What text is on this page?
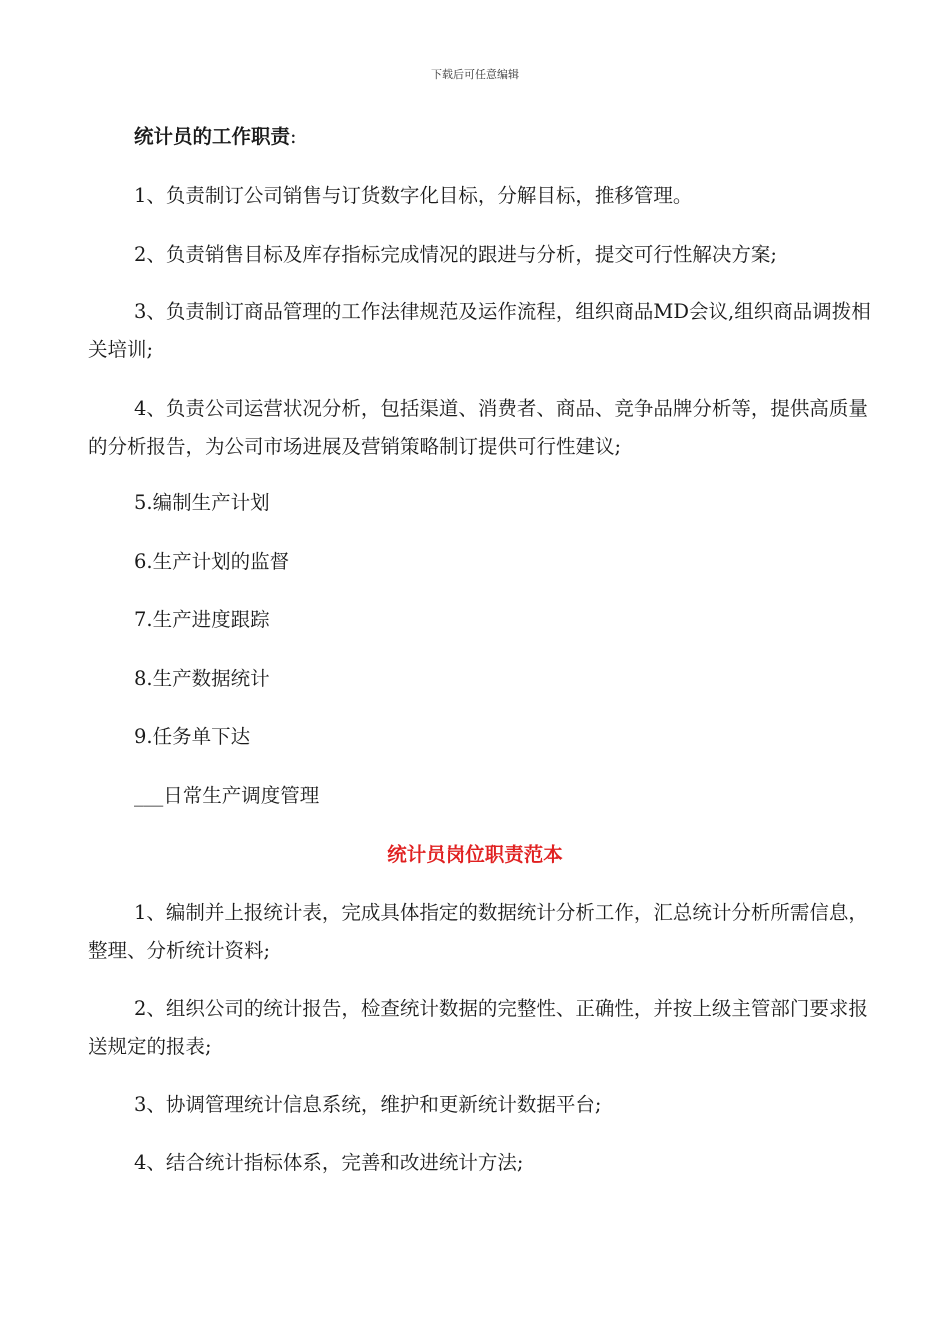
下载后可任意编辑
统计员的工作职责:
1、负责制订公司销售与订货数字化目标，分解目标，推移管理。
2、负责销售目标及库存指标完成情况的跟进与分析，提交可行性解决方案;
3、负责制订商品管理的工作法律规范及运作流程，组织商品MD会议,组织商品调拨相关培训;
4、负责公司运营状况分析，包括渠道、消费者、商品、竞争品牌分析等，提供高质量的分析报告，为公司市场进展及营销策略制订提供可行性建议;
5.编制生产计划
6.生产计划的监督
7.生产进度跟踪
8.生产数据统计
9.任务单下达
___日常生产调度管理
统计员岗位职责范本
1、编制并上报统计表，完成具体指定的数据统计分析工作，汇总统计分析所需信息，整理、分析统计资料;
2、组织公司的统计报告，检查统计数据的完整性、正确性，并按上级主管部门要求报送规定的报表;
3、协调管理统计信息系统，维护和更新统计数据平台;
4、结合统计指标体系，完善和改进统计方法;
